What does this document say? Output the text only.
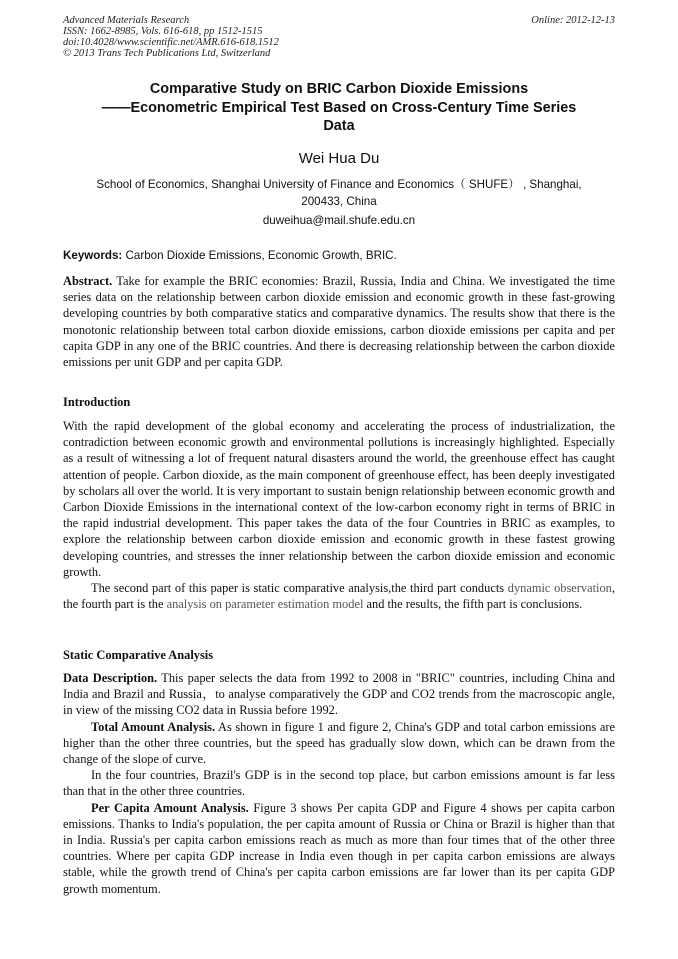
Advanced Materials Research
ISSN: 1662-8985, Vols. 616-618, pp 1512-1515
doi:10.4028/www.scientific.net/AMR.616-618.1512
© 2013 Trans Tech Publications Ltd, Switzerland
Online: 2012-12-13
Comparative Study on BRIC Carbon Dioxide Emissions
——Econometric Empirical Test Based on Cross-Century Time Series
Data
Wei Hua Du
School of Economics, Shanghai University of Finance and Economics（ SHUFE） , Shanghai,
200433, China
duweihua@mail.shufe.edu.cn
Keywords: Carbon Dioxide Emissions, Economic Growth, BRIC.

Abstract. Take for example the BRIC economies: Brazil, Russia, India and China. We investigated the time series data on the relationship between carbon dioxide emission and economic growth in these fast-growing developing countries by both comparative statics and comparative dynamics. The results show that there is the monotonic relationship between total carbon dioxide emissions, carbon dioxide emissions per capita and per capita GDP in any one of the BRIC countries. And there is decreasing relationship between the carbon dioxide emissions per unit GDP and per capita GDP.

Introduction

With the rapid development of the global economy and accelerating the process of industrialization, the contradiction between economic growth and environmental pollutions is increasingly highlighted. Especially as a result of witnessing a lot of frequent natural disasters around the world, the greenhouse effect has caught attention of people. Carbon dioxide, as the main component of greenhouse effect, has been deeply investigated by scholars all over the world. It is very important to sustain benign relationship between economic growth and Carbon Dioxide Emissions in the international context of the low-carbon economy right in terms of BRIC in the rapid industrial development. This paper takes the data of the four Countries in BRIC as examples, to explore the relationship between carbon dioxide emission and economic growth in these fastest growing developing countries, and stresses the inner relationship between the carbon dioxide emission and economic growth.

The second part of this paper is static comparative analysis,the third part conducts dynamic observation, the fourth part is the analysis on parameter estimation model and the results, the fifth part is conclusions.

Static Comparative Analysis

Data Description. This paper selects the data from 1992 to 2008 in "BRIC" countries, including China and India and Brazil and Russia，to analyse comparatively the GDP and CO2 trends from the macroscopic angle, in view of the missing CO2 data in Russia before 1992.

Total Amount Analysis. As shown in figure 1 and figure 2, China's GDP and total carbon emissions are higher than the other three countries, but the speed has gradually slow down, which can be drawn from the change of the slope of curve.

In the four countries, Brazil's GDP is in the second top place, but carbon emissions amount is far less than that in the other three countries.

Per Capita Amount Analysis. Figure 3 shows Per capita GDP and Figure 4 shows per capita carbon emissions. Thanks to India's population, the per capita amount of Russia or China or Brazil is higher than that in India. Russia's per capita carbon emissions reach as much as more than four times that of the other three countries. Where per capita GDP increase in India even though in per capita carbon emissions are always stable, while the growth trend of China's per capita carbon emissions are far lower than its per capita GDP growth momentum.
